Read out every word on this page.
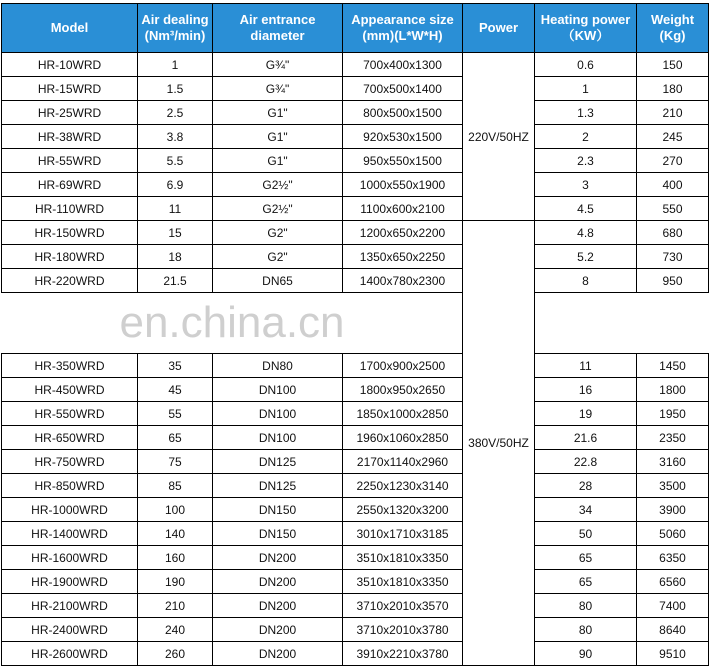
Model	Air dealing (Nm³/min)	Air entrance diameter	Appearance size (mm)(L*W*H)	Power	Heating power （KW）	Weight (Kg)
HR-10WRD	1	G¾"	700x400x1300	220V/50HZ	0.6	150
HR-15WRD	1.5	G¾"	700x500x1400		1	180
HR-25WRD	2.5	G1"	800x500x1500		1.3	210
HR-38WRD	3.8	G1"	920x530x1500		2	245
HR-55WRD	5.5	G1"	950x550x1500		2.3	270
HR-69WRD	6.9	G2½"	1000x550x1900		3	400
HR-110WRD	11	G2½"	1100x600x2100		4.5	550
HR-150WRD	15	G2"	1200x650x2200	380V/50HZ	4.8	680
HR-180WRD	18	G2"	1350x650x2250		5.2	730
HR-220WRD	21.5	DN65	1400x780x2300		8	950
en.china.cn						
HR-350WRD	35	DN80	1700x900x2500		11	1450
HR-450WRD	45	DN100	1800x950x2650		16	1800
HR-550WRD	55	DN100	1850x1000x2850		19	1950
HR-650WRD	65	DN100	1960x1060x2850		21.6	2350
HR-750WRD	75	DN125	2170x1140x2960		22.8	3160
HR-850WRD	85	DN125	2250x1230x3140		28	3500
HR-1000WRD	100	DN150	2550x1320x3200		34	3900
HR-1400WRD	140	DN150	3010x1710x3185		50	5060
HR-1600WRD	160	DN200	3510x1810x3350		65	6350
HR-1900WRD	190	DN200	3510x1810x3350		65	6560
HR-2100WRD	210	DN200	3710x2010x3570		80	7400
HR-2400WRD	240	DN200	3710x2010x3780		80	8640
HR-2600WRD	260	DN200	3910x2210x3780		90	9510
